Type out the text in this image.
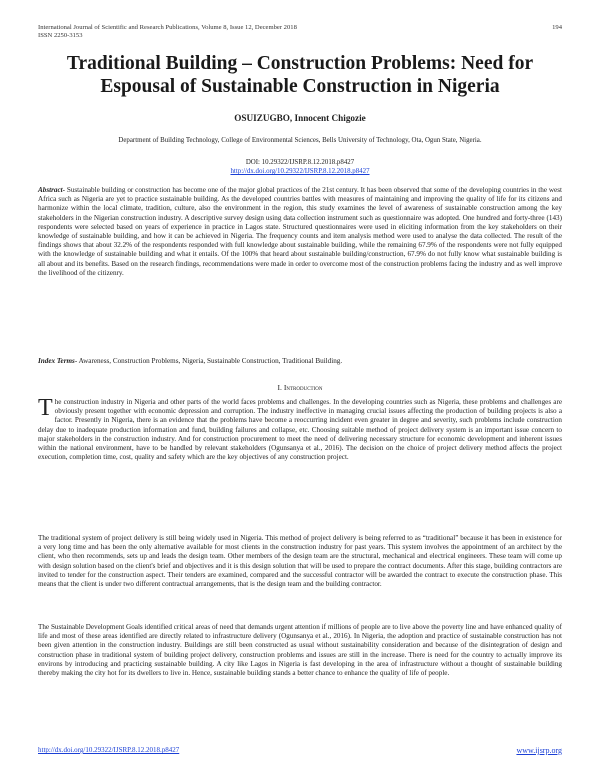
International Journal of Scientific and Research Publications, Volume 8, Issue 12, December 2018
ISSN 2250-3153
194
Traditional Building – Construction Problems: Need for Espousal of Sustainable Construction in Nigeria
OSUIZUGBO, Innocent Chigozie
Department of Building Technology, College of Environmental Sciences, Bells University of Technology, Ota, Ogun State, Nigeria.
DOI: 10.29322/IJSRP.8.12.2018.p8427
http://dx.doi.org/10.29322/IJSRP.8.12.2018.p8427
Abstract- Sustainable building or construction has become one of the major global practices of the 21st century. It has been observed that some of the developing countries in the west Africa such as Nigeria are yet to practice sustainable building. As the developed countries battles with measures of maintaining and improving the quality of life for its citizens and harmonize within the local climate, tradition, culture, also the environment in the region, this study examines the level of awareness of sustainable construction among the key stakeholders in the Nigerian construction industry. A descriptive survey design using data collection instrument such as questionnaire was adopted. One hundred and forty-three (143) respondents were selected based on years of experience in practice in Lagos state. Structured questionnaires were used in eliciting information from the key stakeholders on their knowledge of sustainable building, and how it can be achieved in Nigeria. The frequency counts and item analysis method were used to analyse the data collected. The result of the findings shows that about 32.2% of the respondents responded with full knowledge about sustainable building, while the remaining 67.9% of the respondents were not fully equipped with the knowledge of sustainable building and what it entails. Of the 100% that heard about sustainable building/construction, 67.9% do not fully know what sustainable building is all about and its benefits. Based on the research findings, recommendations were made in order to overcome most of the construction problems facing the industry and as well improve the livelihood of the citizenry.
Index Terms- Awareness, Construction Problems, Nigeria, Sustainable Construction, Traditional Building.
I. Introduction
The construction industry in Nigeria and other parts of the world faces problems and challenges. In the developing countries such as Nigeria, these problems and challenges are obviously present together with economic depression and corruption. The industry ineffective in managing crucial issues affecting the production of building projects is also a factor. Presently in Nigeria, there is an evidence that the problems have become a reoccurring incident even greater in degree and severity, such problems include construction delay due to inadequate production information and fund, building failures and collapse, etc. Choosing suitable method of project delivery system is an important issue concern to major stakeholders in the construction industry. And for construction procurement to meet the need of delivering necessary structure for economic development and inherent issues within the national environment, have to be handled by relevant stakeholders (Ogunsanya et al., 2016). The decision on the choice of project delivery method affects the project execution, completion time, cost, quality and safety which are the key objectives of any construction project.
The traditional system of project delivery is still being widely used in Nigeria. This method of project delivery is being referred to as “traditional” because it has been in existence for a very long time and has been the only alternative available for most clients in the construction industry for past years. This system involves the appointment of an architect by the client, who then recommends, sets up and leads the design team. Other members of the design team are the structural, mechanical and electrical engineers. These team will come up with design solution based on the client's brief and objectives and it is this design solution that will be used to prepare the contract documents. After this stage, building contractors are invited to tender for the construction aspect. Their tenders are examined, compared and the successful contractor will be awarded the contract to execute the construction phase. This means that the client is under two different contractual arrangements, that is the design team and the building contractor.
The Sustainable Development Goals identified critical areas of need that demands urgent attention if millions of people are to live above the poverty line and have enhanced quality of life and most of these areas identified are directly related to infrastructure delivery (Ogunsanya et al., 2016). In Nigeria, the adoption and practice of sustainable construction has not been given attention in the construction industry. Buildings are still been constructed as usual without sustainability consideration and because of the disintegration of design and construction phase in traditional system of building project delivery, construction problems and issues are still in the increase. There is need for the country to actually improve its environs by introducing and practicing sustainable building. A city like Lagos in Nigeria is fast developing in the area of infrastructure without a thought of sustainable building thereby making the city hot for its dwellers to live in. Hence, sustainable building stands a better chance to enhance the quality of life of people.
http://dx.doi.org/10.29322/IJSRP.8.12.2018.p8427	www.ijsrp.org
